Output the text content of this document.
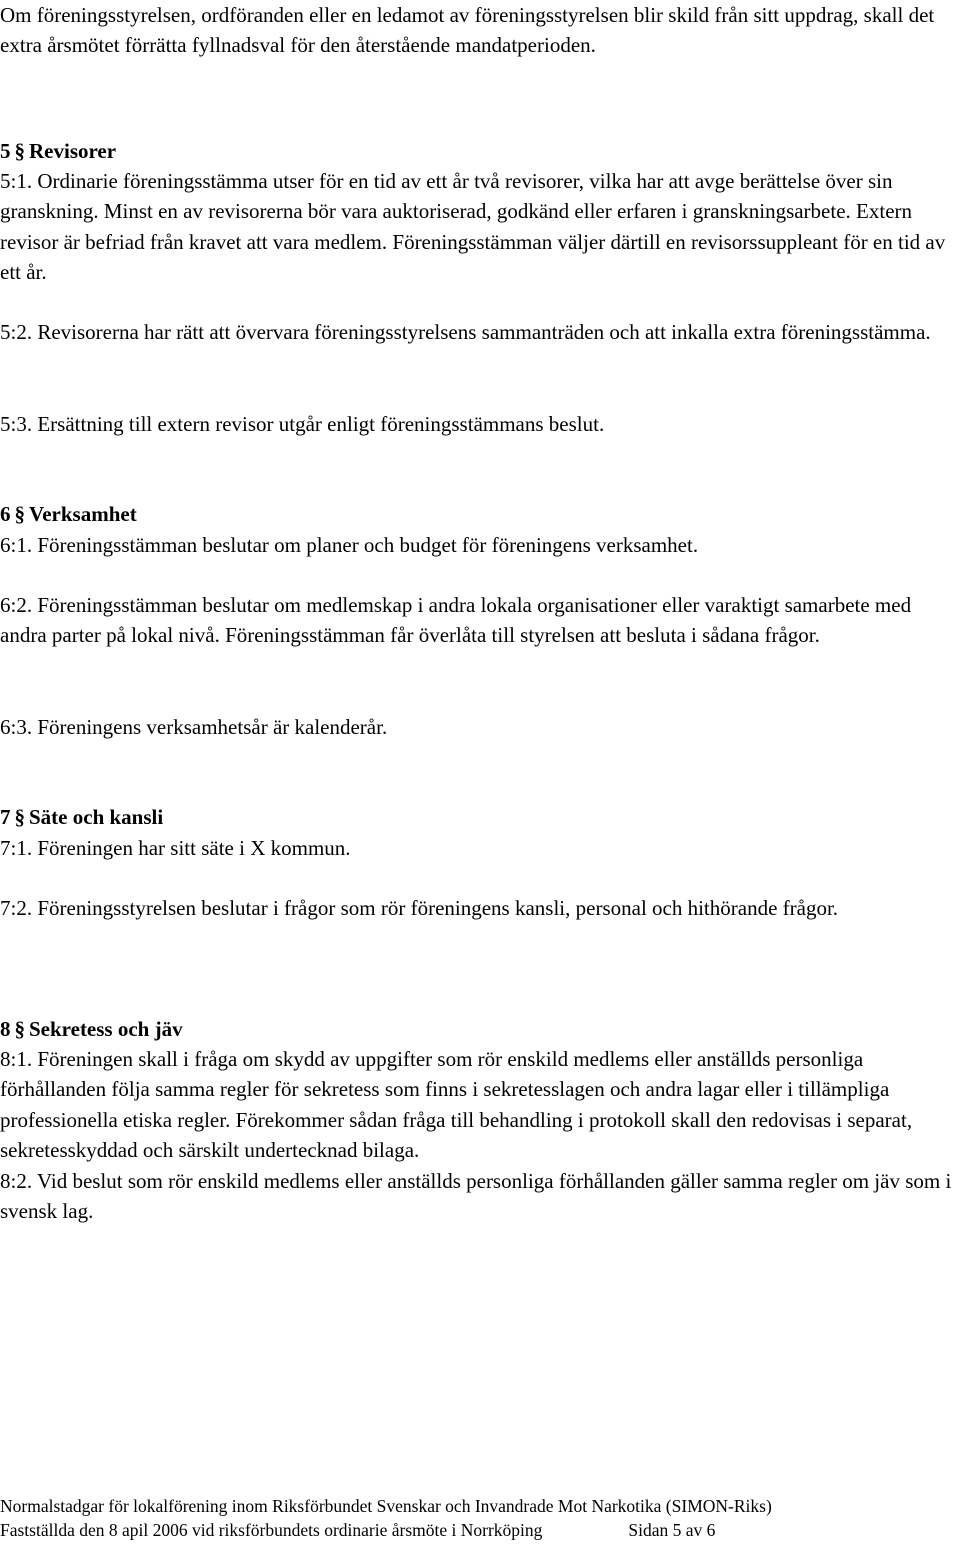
Om föreningsstyrelsen, ordföranden eller en ledamot av föreningsstyrelsen blir skild från sitt uppdrag, skall det extra årsmötet förrätta fyllnadsval för den återstående mandatperioden.

5 § Revisorer

5:1. Ordinarie föreningsstämma utser för en tid av ett år två revisorer, vilka har att avge berättelse över sin granskning. Minst en av revisorerna bör vara auktoriserad, godkänd eller erfaren i granskningsarbete. Extern revisor är befriad från kravet att vara medlem. Föreningsstämman väljer därtill en revisorssuppleant för en tid av ett år.

5:2. Revisorerna har rätt att övervara föreningsstyrelsens sammanträden och att inkalla extra föreningsstämma.

5:3. Ersättning till extern revisor utgår enligt föreningsstämmans beslut.

6 § Verksamhet

6:1. Föreningsstämman beslutar om planer och budget för föreningens verksamhet.

6:2. Föreningsstämman beslutar om medlemskap i andra lokala organisationer eller varaktigt samarbete med andra parter på lokal nivå. Föreningsstämman får överlåta till styrelsen att besluta i sådana frågor.

6:3. Föreningens verksamhetsår är kalenderår.

7 § Säte och kansli

7:1. Föreningen har sitt säte i X kommun.

7:2. Föreningsstyrelsen beslutar i frågor som rör föreningens kansli, personal och hithörande frågor.

8 § Sekretess och jäv

8:1. Föreningen skall i fråga om skydd av uppgifter som rör enskild medlems eller anställds personliga förhållanden följa samma regler för sekretess som finns i sekretesslagen och andra lagar eller i tillämpliga professionella etiska regler. Förekommer sådan fråga till behandling i protokoll skall den redovisas i separat, sekretesskyddad och särskilt undertecknad bilaga.

8:2. Vid beslut som rör enskild medlems eller anställds personliga förhållanden gäller samma regler om jäv som i svensk lag.

Normalstadgar för lokalförening inom Riksförbundet Svenskar och Invandrade Mot Narkotika (SIMON-Riks)
Fastställda den 8 apil 2006 vid riksförbundets ordinarie årsmöte i Norrköping	Sidan 5 av 6
